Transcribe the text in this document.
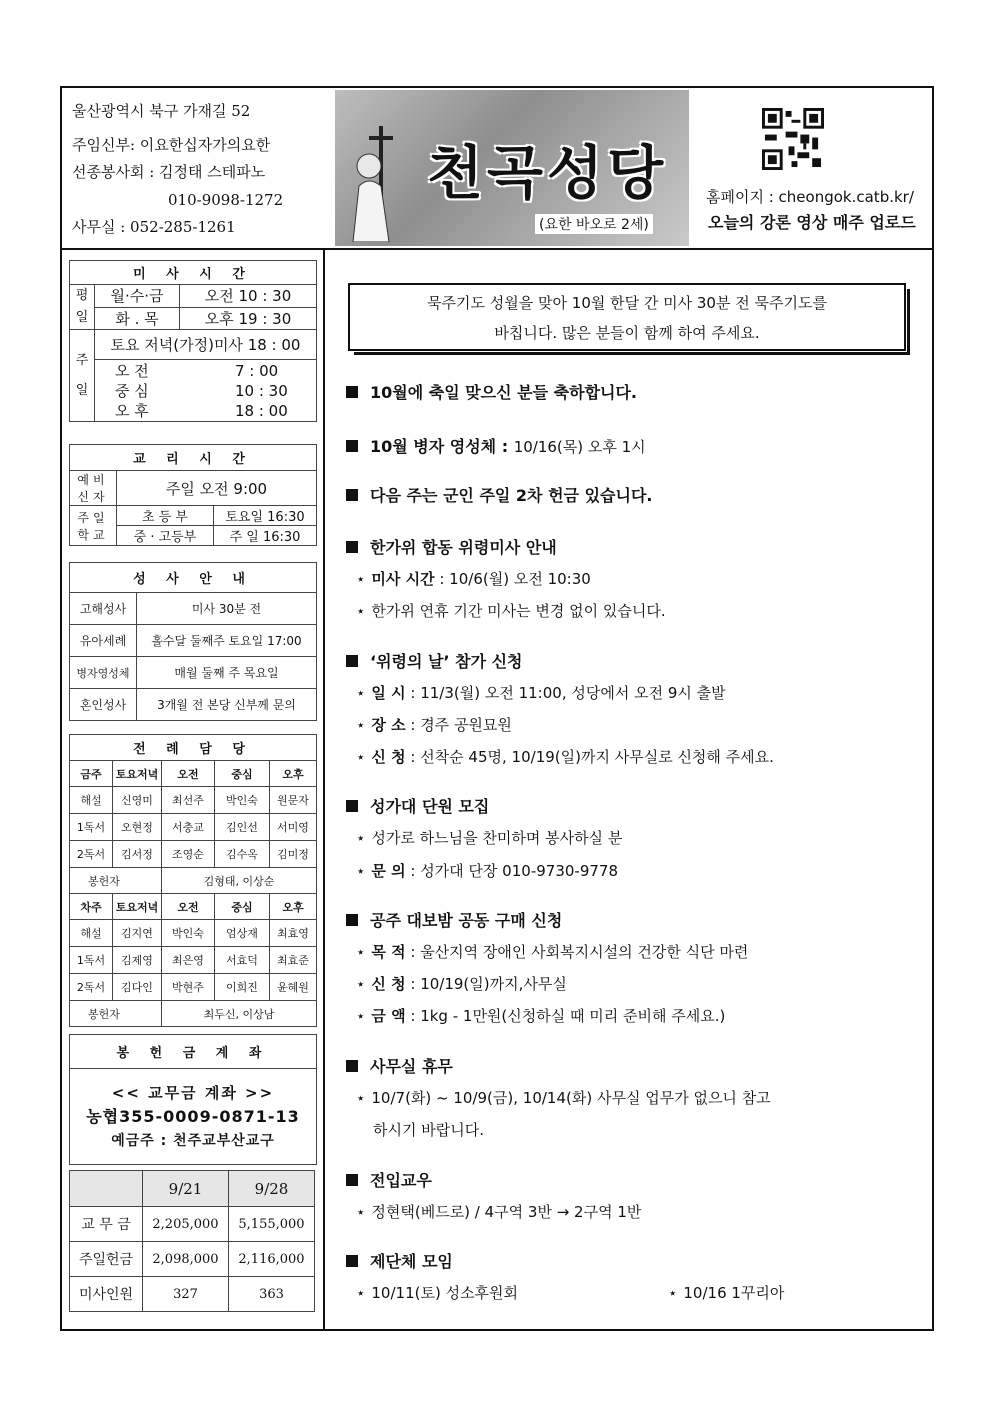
울산광역시 북구 가재길 52
주임신부: 이요한십자가의요한
선종봉사회 : 김정태 스테파노
010-9098-1272
사무실 : 052-285-1261
천곡성당
(요한 바오로 2세)
홈페이지 : cheongok.catb.kr/
오늘의 강론 영상 매주 업로드
미 사 시 간		
평일	월·수·금	오전 10 : 30
	화 . 목	오후 19 : 30
주일	토요 저녁(가정)미사 18 : 00	

	오 전 7 : 00
중 심 10 : 30
오 후 18 : 00	
교 리 시 간		
예비 신자	주일 오전 9:00	
주일 학교	초 등 부	토요일 16:30
	중 · 고등부	주 일 16:30
성 사 안 내	
고해성사	미사 30분 전
유아세례	홀수달 둘째주 토요일 17:00
병자영성체	매월 둘째 주 목요일
혼인성사	3개월 전 본당 신부께 문의
전 례 담 당				
금주	토요저녁	오전	중심	오후
해설	신영미	최선주	박인숙	원문자
1독서	오현정	서충교	김인선	서미영
2독서	김서정	조영순	김수옥	김미정
봉헌자		김형태, 이상순		
차주	토요저녁	오전	중심	오후
해설	김지연	박인숙	엄상재	최효영
1독서	김제영	최은영	서효덕	최효준
2독서	김다인	박현주	이희진	윤혜원
봉헌자		최두신, 이상남		
봉 헌 금 계 좌

<< 교무금 계좌 >>
농협355-0009-0871-13
예금주 : 천주교부산교구
	9/21	9/28
교 무 금	2,205,000	5,155,000
주일헌금	2,098,000	2,116,000
미사인원	327	363
묵주기도 성월을 맞아 10월 한달 간 미사 30분 전 묵주기도를
바칩니다. 많은 분들이 함께 하여 주세요.
10월에 축일 맞으신 분들 축하합니다.
10월 병자 영성체 : 10/16(목) 오후 1시
다음 주는 군인 주일 2차 헌금 있습니다.
한가위 합동 위령미사 안내
⋆ 미사 시간 : 10/6(월) 오전 10:30
⋆ 한가위 연휴 기간 미사는 변경 없이 있습니다.
‘위령의 날’ 참가 신청
⋆ 일 시 : 11/3(월) 오전 11:00, 성당에서 오전 9시 출발
⋆ 장 소 : 경주 공원묘원
⋆ 신 청 : 선착순 45명, 10/19(일)까지 사무실로 신청해 주세요.
성가대 단원 모집
⋆ 성가로 하느님을 찬미하며 봉사하실 분
⋆ 문 의 : 성가대 단장 010-9730-9778
공주 대보밤 공동 구매 신청
⋆ 목 적 : 울산지역 장애인 사회복지시설의 건강한 식단 마련
⋆ 신 청 : 10/19(일)까지,사무실
⋆ 금 액 : 1kg - 1만원(신청하실 때 미리 준비해 주세요.)
사무실 휴무
⋆ 10/7(화) ~ 10/9(금), 10/14(화) 사무실 업무가 없으니 참고
하시기 바랍니다.
전입교우
⋆ 정현택(베드로) / 4구역 3반 → 2구역 1반
제단체 모임
⋆ 10/11(토) 성소후원회	⋆ 10/16 1꾸리아
